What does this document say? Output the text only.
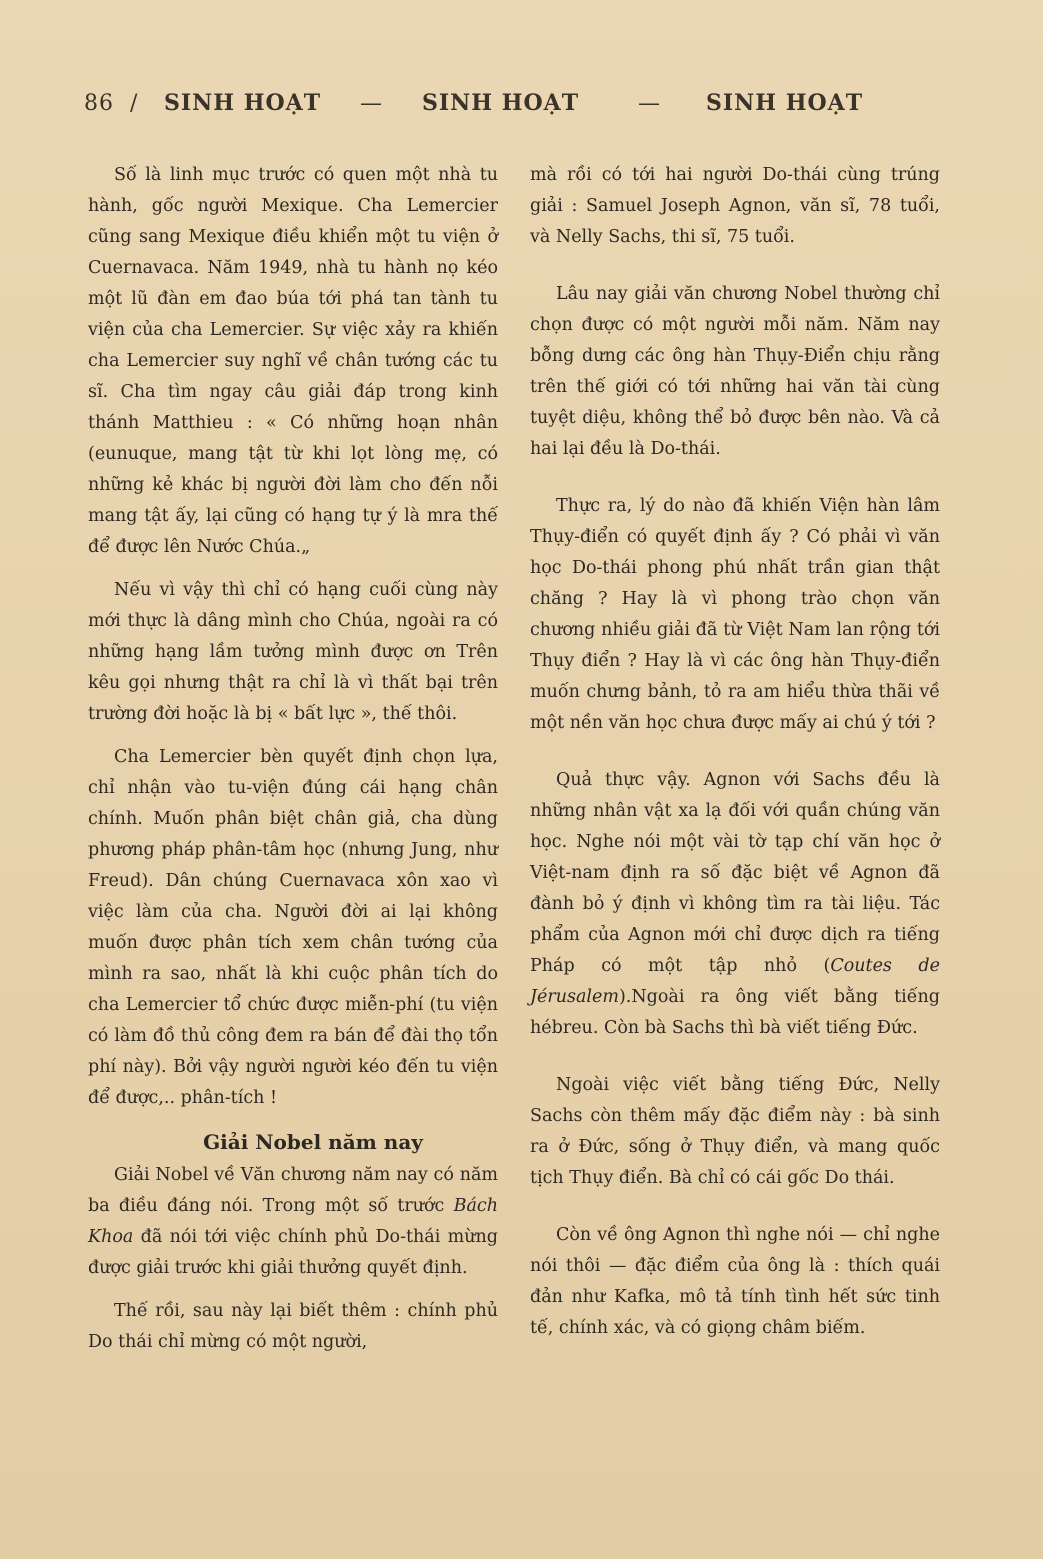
86 /	SINH HOẠT	—	SINH HOẠT	—	SINH HOẠT

Số là linh mục trước có quen một nhà tu hành, gốc người Mexique. Cha Lemercier cũng sang Mexique điều khiển một tu viện ở Cuernavaca. Năm 1949, nhà tu hành nọ kéo một lũ đàn em đao búa tới phá tan tành tu viện của cha Lemercier. Sự việc xảy ra khiến cha Lemercier suy nghĩ về chân tướng các tu sĩ. Cha tìm ngay câu giải đáp trong kinh thánh Matthieu : « Có những hoạn nhân (eunuque, mang tật từ khi lọt lòng mẹ, có những kẻ khác bị người đời làm cho đến nỗi mang tật ấy, lại cũng có hạng tự ý là mra thế để được lên Nước Chúa.„

Nếu vì vậy thì chỉ có hạng cuối cùng này mới thực là dâng mình cho Chúa, ngoài ra có những hạng lầm tưởng mình được ơn Trên kêu gọi nhưng thật ra chỉ là vì thất bại trên trường đời hoặc là bị « bất lực », thế thôi.

Cha Lemercier bèn quyết định chọn lựa, chỉ nhận vào tu-viện đúng cái hạng chân chính. Muốn phân biệt chân giả, cha dùng phương pháp phân-tâm học (nhưng Jung, như Freud). Dân chúng Cuernavaca xôn xao vì việc làm của cha. Người đời ai lại không muốn được phân tích xem chân tướng của mình ra sao, nhất là khi cuộc phân tích do cha Lemercier tổ chức được miễn-phí (tu viện có làm đồ thủ công đem ra bán để đài thọ tổn phí này). Bởi vậy người người kéo đến tu viện để được,.. phân-tích !

Giải Nobel năm nay

Giải Nobel về Văn chương năm nay có năm ba điều đáng nói. Trong một số trước Bách Khoa đã nói tới việc chính phủ Do-thái mừng được giải trước khi giải thưởng quyết định.

Thế rồi, sau này lại biết thêm : chính phủ Do thái chỉ mừng có một người,

mà rồi có tới hai người Do-thái cùng trúng giải : Samuel Joseph Agnon, văn sĩ, 78 tuổi, và Nelly Sachs, thi sĩ, 75 tuổi.

Lâu nay giải văn chương Nobel thường chỉ chọn được có một người mỗi năm. Năm nay bỗng dưng các ông hàn Thụy-Điển chịu rằng trên thế giới có tới những hai văn tài cùng tuyệt diệu, không thể bỏ được bên nào. Và cả hai lại đều là Do-thái.

Thực ra, lý do nào đã khiến Viện hàn lâm Thụy-điển có quyết định ấy ? Có phải vì văn học Do-thái phong phú nhất trần gian thật chăng ? Hay là vì phong trào chọn văn chương nhiều giải đã từ Việt Nam lan rộng tới Thụy điển ? Hay là vì các ông hàn Thụy-điển muốn chưng bảnh, tỏ ra am hiểu thừa thãi về một nền văn học chưa được mấy ai chú ý tới ?

Quả thực vậy. Agnon với Sachs đều là những nhân vật xa lạ đối với quần chúng văn học. Nghe nói một vài tờ tạp chí văn học ở Việt-nam định ra số đặc biệt về Agnon đã đành bỏ ý định vì không tìm ra tài liệu. Tác phẩm của Agnon mới chỉ được dịch ra tiếng Pháp có một tập nhỏ (Coutes de Jérusalem).Ngoài ra ông viết bằng tiếng hébreu. Còn bà Sachs thì bà viết tiếng Đức.

Ngoài việc viết bằng tiếng Đức, Nelly Sachs còn thêm mấy đặc điểm này : bà sinh ra ở Đức, sống ở Thụy điển, và mang quốc tịch Thụy điển. Bà chỉ có cái gốc Do thái.

Còn về ông Agnon thì nghe nói — chỉ nghe nói thôi — đặc điểm của ông là : thích quái đản như Kafka, mô tả tính tình hết sức tinh tế, chính xác, và có giọng châm biếm.
